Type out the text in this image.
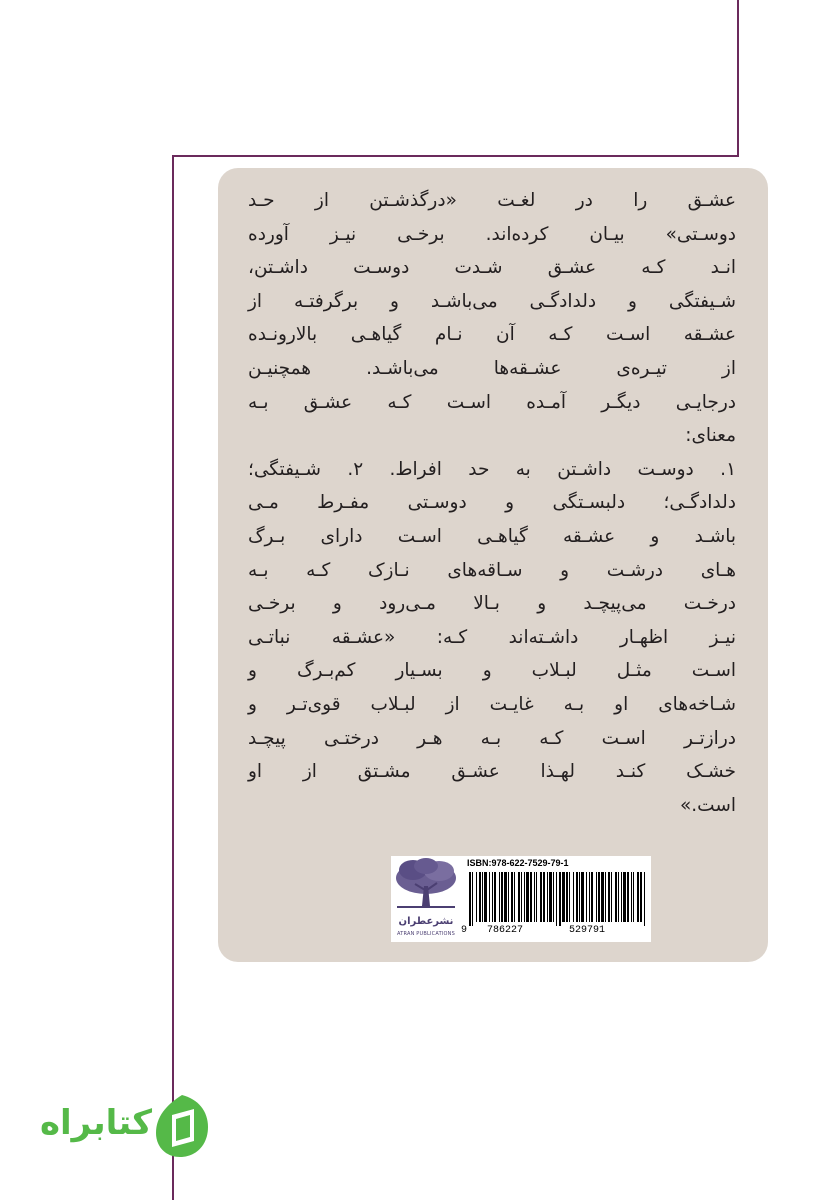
عشـق را در لغـت «درگذشـتن از حـد
دوسـتی» بیـان کرده‌اند. برخـی نیـز آورده
انـد کـه عشـق شـدت دوسـت داشـتن،
شـیفتگی و دلدادگـی می‌باشـد و برگرفتـه از
عشـقه اسـت کـه آن نـام گیاهـی بالارونـده
از تیـره‌ی عشـقه‌ها می‌باشـد. همچنیـن
درجایـی دیگـر آمـده اسـت کـه عشـق بـه
معنای:
۱. دوسـت داشـتن به حد افراط. ۲. شـیفتگی؛
دلدادگـی؛ دلبسـتگی و دوسـتی مفـرط مـی
باشـد و عشـقه گیاهـی اسـت دارای بـرگ
هـای درشـت و سـاقه‌های نـازک کـه بـه
درخـت می‌پیچـد و بـالا مـی‌رود و برخـی
نیـز اظهـار داشـته‌اند کـه: «عشـقه نباتـی
اسـت مثـل لبـلاب و بسـیار کم‌بـرگ و
شـاخه‌های او بـه غایـت از لبـلاب قوی‌تـر و
درازتـر اسـت کـه بـه هـر درختـی پیچـد
خشـک کنـد لهـذا عشـق مشـتق از او
است.»
نشرعطران
ATRAN PUBLICATIONS
ISBN:978-622-7529-79-1
9 786227	529791
کتابراه
